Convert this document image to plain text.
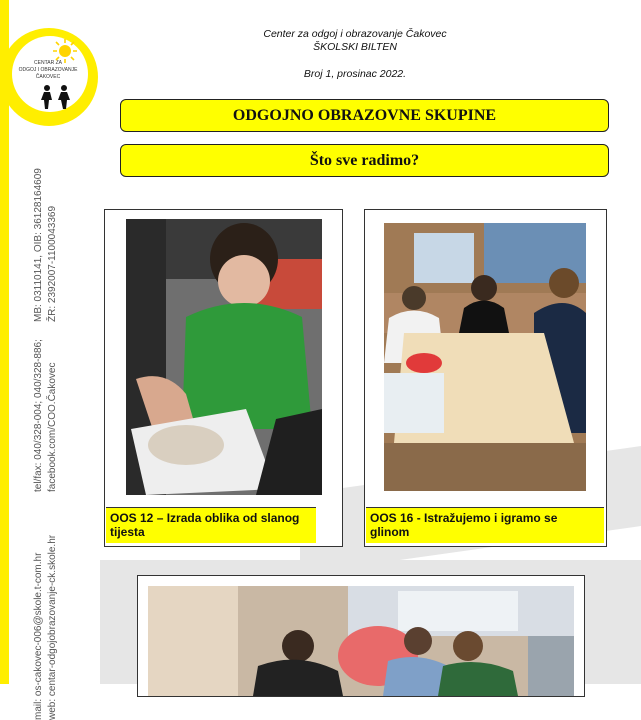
CENTAR ZA
ODGOJ I OBRAZOVANJE
ČAKOVEC
MB: 03110141, OIB: 36128164609 ŽR: 2392007-1100043369
tel/fax: 040/328-004; 040/328-886; facebook.com/COO.Čakovec
mail: os-cakovec-006@skole.t-com.hr web: centar-odgojobrazovanje-ck.skole.hr
Center za odgoj i obrazovanje Čakovec
ŠKOLSKI BILTEN
Broj 1, prosinac 2022.
ODGOJNO OBRAZOVNE SKUPINE
Što sve radimo?
OOS 12 – Izrada oblika od slanog tijesta
OOS 16 - Istražujemo i igramo se glinom
